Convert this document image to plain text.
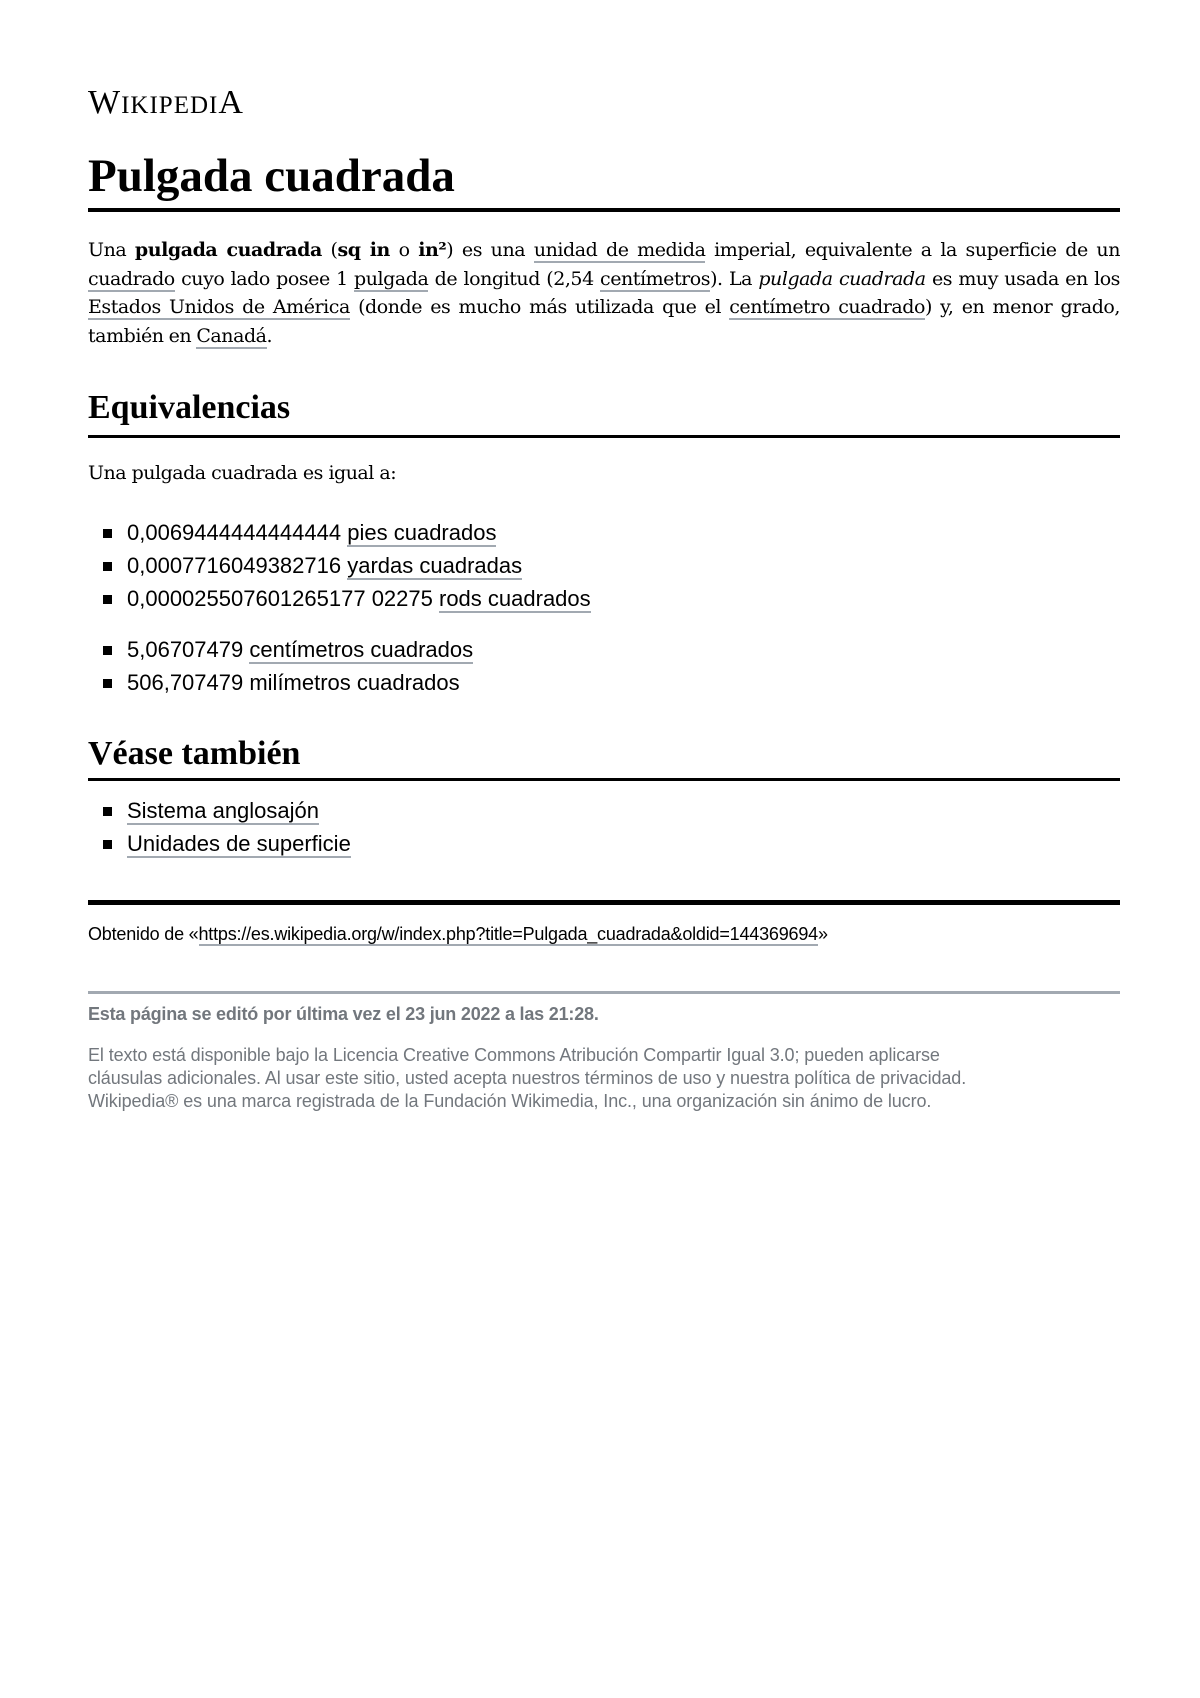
WIKIPEDIA
Pulgada cuadrada

Una pulgada cuadrada (sq in o in²) es una unidad de medida imperial, equivalente a la superficie de un cuadrado cuyo lado posee 1 pulgada de longitud (2,54 centímetros). La pulgada cuadrada es muy usada en los Estados Unidos de América (donde es mucho más utilizada que el centímetro cuadrado) y, en menor grado, también en Canadá.

Equivalencias

Una pulgada cuadrada es igual a:

0,0069444444444444 pies cuadrados
0,0007716049382716 yardas cuadradas
0,000025507601265177 02275 rods cuadrados
5,06707479 centímetros cuadrados
506,707479 milímetros cuadrados
Véase también
Sistema anglosajón
Unidades de superficie
Obtenido de «https://es.wikipedia.org/w/index.php?title=Pulgada_cuadrada&oldid=144369694»
Esta página se editó por última vez el 23 jun 2022 a las 21:28.
El texto está disponible bajo la Licencia Creative Commons Atribución Compartir Igual 3.0; pueden aplicarse
cláusulas adicionales. Al usar este sitio, usted acepta nuestros términos de uso y nuestra política de privacidad.
Wikipedia® es una marca registrada de la Fundación Wikimedia, Inc., una organización sin ánimo de lucro.
